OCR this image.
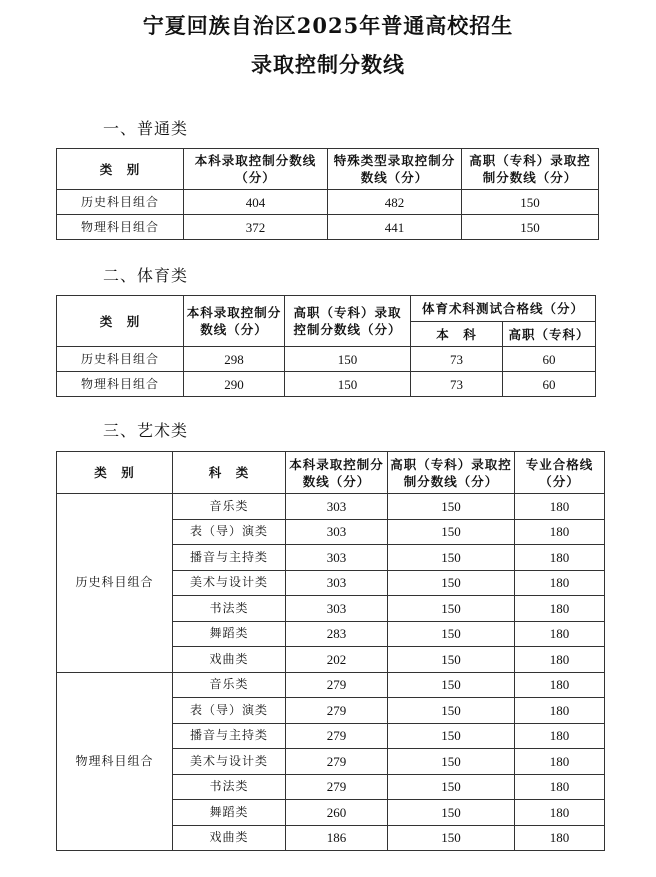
宁夏回族自治区2025年普通高校招生
录取控制分数线
一、普通类
类　别	本科录取控制分数线（分）	特殊类型录取控制分数线（分）	高职（专科）录取控制分数线（分）
历史科目组合	404	482	150
物理科目组合	372	441	150
二、体育类
类　别	本科录取控制分数线（分）	高职（专科）录取控制分数线（分）	体育术科测试合格线（分）	
			本　科	高职（专科）
历史科目组合	298	150	73	60
物理科目组合	290	150	73	60
三、艺术类
类　别	科　类	本科录取控制分数线（分）	高职（专科）录取控制分数线（分）	专业合格线（分）
历史科目组合	音乐类	303	150	180
	表（导）演类	303	150	180
	播音与主持类	303	150	180
	美术与设计类	303	150	180
	书法类	303	150	180
	舞蹈类	283	150	180
	戏曲类	202	150	180
物理科目组合	音乐类	279	150	180
	表（导）演类	279	150	180
	播音与主持类	279	150	180
	美术与设计类	279	150	180
	书法类	279	150	180
	舞蹈类	260	150	180
	戏曲类	186	150	180
